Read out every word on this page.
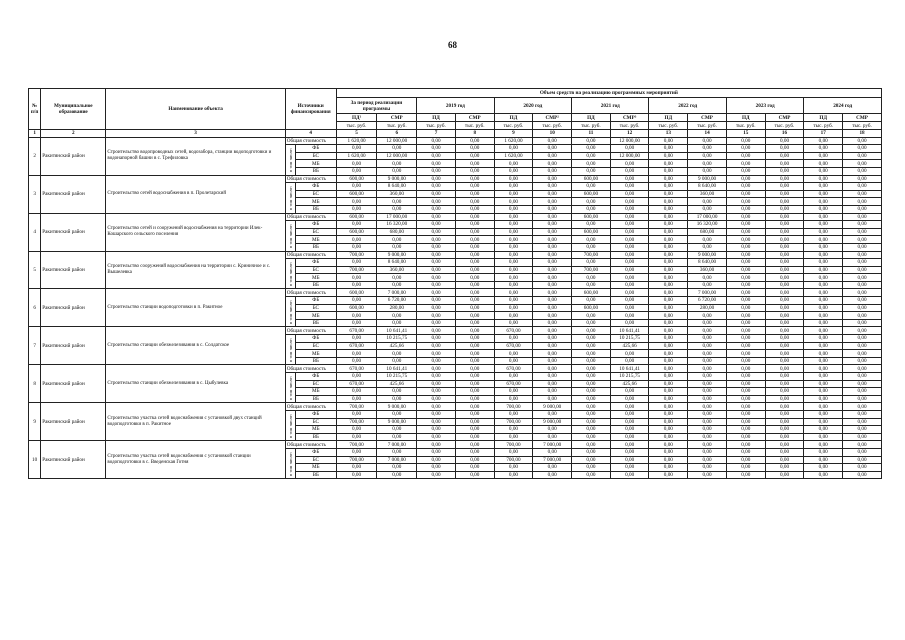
68
№ п/п	Муниципальное образование	Наименование объекта	Источники финансирования		Объем средств на реализацию программных мероприятий													
					За период реализации программы		2019 год		2020 год		2021 год		2022 год		2023 год		2024 год	
					ПД¹	СМР	ПД	СМР	ПД	СМР²	ПД	СМР³	ПД	СМР	ПД	СМР	ПД	СМР
					тыс. руб.	тыс. руб.	тыс. руб.	тыс. руб.	тыс. руб.	тыс. руб.	тыс. руб.	тыс. руб.	тыс. руб.	тыс. руб.	тыс. руб.	тыс. руб.	тыс. руб.	тыс. руб.
1	2	3	4		5	6	7	8	9	10	11	12	13	14	15	16	17	18
2	Ракитянский район	Строительство водопроводных сетей, водозабора, станции водоподготовки и водонапорной башни в с. Трефиловка	Общая стоимость		1 620,00	12 000,00	0,00	0,00	1 620,00	0,00	0,00	12 000,00	0,00	0,00	0,00	0,00	0,00	0,00

			в том числе:	ФБ	0,00	0,00	0,00	0,00	0,00	0,00	0,00	0,00	0,00	0,00	0,00	0,00	0,00	0,00
				БС	1 620,00	12 000,00	0,00	0,00	1 620,00	0,00	0,00	12 000,00	0,00	0,00	0,00	0,00	0,00	0,00
				МБ	0,00	0,00	0,00	0,00	0,00	0,00	0,00	0,00	0,00	0,00	0,00	0,00	0,00	0,00
				ВБ	0,00	0,00	0,00	0,00	0,00	0,00	0,00	0,00	0,00	0,00	0,00	0,00	0,00	0,00
3	Ракитянский район	Строительство сетей водоснабжения в п. Пролетарский	Общая стоимость		600,00	9 000,00	0,00	0,00	0,00	0,00	600,00	0,00	0,00	9 000,00	0,00	0,00	0,00	0,00

			в том числе:	ФБ	0,00	8 640,00	0,00	0,00	0,00	0,00	0,00	0,00	0,00	8 640,00	0,00	0,00	0,00	0,00
				БС	600,00	360,00	0,00	0,00	0,00	0,00	600,00	0,00	0,00	360,00	0,00	0,00	0,00	0,00
				МБ	0,00	0,00	0,00	0,00	0,00	0,00	0,00	0,00	0,00	0,00	0,00	0,00	0,00	0,00
				ВБ	0,00	0,00	0,00	0,00	0,00	0,00	0,00	0,00	0,00	0,00	0,00	0,00	0,00	0,00
4	Ракитянский район	Строительство сетей и сооружений водоснабжения на территории Илек-Кошарского сельского поселения	Общая стоимость		600,00	17 000,00	0,00	0,00	0,00	0,00	600,00	0,00	0,00	17 000,00	0,00	0,00	0,00	0,00

			в том числе:	ФБ	0,00	16 320,00	0,00	0,00	0,00	0,00	0,00	0,00	0,00	16 320,00	0,00	0,00	0,00	0,00
				БС	600,00	680,00	0,00	0,00	0,00	0,00	600,00	0,00	0,00	680,00	0,00	0,00	0,00	0,00
				МБ	0,00	0,00	0,00	0,00	0,00	0,00	0,00	0,00	0,00	0,00	0,00	0,00	0,00	0,00
				ВБ	0,00	0,00	0,00	0,00	0,00	0,00	0,00	0,00	0,00	0,00	0,00	0,00	0,00	0,00
5	Ракитянский район	Строительство сооружений водоснабжения на территории с. Криничное и с. Вышелевка	Общая стоимость		700,00	9 000,00	0,00	0,00	0,00	0,00	700,00	0,00	0,00	9 000,00	0,00	0,00	0,00	0,00

			в том числе:	ФБ	0,00	8 640,00	0,00	0,00	0,00	0,00	0,00	0,00	0,00	8 640,00	0,00	0,00	0,00	0,00
				БС	700,00	360,00	0,00	0,00	0,00	0,00	700,00	0,00	0,00	360,00	0,00	0,00	0,00	0,00
				МБ	0,00	0,00	0,00	0,00	0,00	0,00	0,00	0,00	0,00	0,00	0,00	0,00	0,00	0,00
				ВБ	0,00	0,00	0,00	0,00	0,00	0,00	0,00	0,00	0,00	0,00	0,00	0,00	0,00	0,00
6	Ракитянский район	Строительство станции водоподготовки в п. Ракитное	Общая стоимость		600,00	7 000,00	0,00	0,00	0,00	0,00	600,00	0,00	0,00	7 000,00	0,00	0,00	0,00	0,00

			в том числе:	ФБ	0,00	6 720,00	0,00	0,00	0,00	0,00	0,00	0,00	0,00	6 720,00	0,00	0,00	0,00	0,00
				БС	600,00	280,00	0,00	0,00	0,00	0,00	600,00	0,00	0,00	280,00	0,00	0,00	0,00	0,00
				МБ	0,00	0,00	0,00	0,00	0,00	0,00	0,00	0,00	0,00	0,00	0,00	0,00	0,00	0,00
				ВБ	0,00	0,00	0,00	0,00	0,00	0,00	0,00	0,00	0,00	0,00	0,00	0,00	0,00	0,00
7	Ракитянский район	Строительство станции обезжелезивания в с. Солдатское	Общая стоимость		670,00	10 641,41	0,00	0,00	670,00	0,00	0,00	10 641,41	0,00	0,00	0,00	0,00	0,00	0,00

			в том числе:	ФБ	0,00	10 215,75	0,00	0,00	0,00	0,00	0,00	10 215,75	0,00	0,00	0,00	0,00	0,00	0,00
				БС	670,00	425,66	0,00	0,00	670,00	0,00	0,00	425,66	0,00	0,00	0,00	0,00	0,00	0,00
				МБ	0,00	0,00	0,00	0,00	0,00	0,00	0,00	0,00	0,00	0,00	0,00	0,00	0,00	0,00
				ВБ	0,00	0,00	0,00	0,00	0,00	0,00	0,00	0,00	0,00	0,00	0,00	0,00	0,00	0,00
8	Ракитянский район	Строительство станции обезжелезивания в с. Цыбулевка	Общая стоимость		670,00	10 641,41	0,00	0,00	670,00	0,00	0,00	10 641,41	0,00	0,00	0,00	0,00	0,00	0,00

			в том числе:	ФБ	0,00	10 215,75	0,00	0,00	0,00	0,00	0,00	10 215,75	0,00	0,00	0,00	0,00	0,00	0,00
				БС	670,00	425,66	0,00	0,00	670,00	0,00	0,00	425,66	0,00	0,00	0,00	0,00	0,00	0,00
				МБ	0,00	0,00	0,00	0,00	0,00	0,00	0,00	0,00	0,00	0,00	0,00	0,00	0,00	0,00
				ВБ	0,00	0,00	0,00	0,00	0,00	0,00	0,00	0,00	0,00	0,00	0,00	0,00	0,00	0,00
9	Ракитянский район	Строительство участка сетей водоснабжения с установкой двух станций водоподготовки в п. Ракитное	Общая стоимость		700,00	9 000,00	0,00	0,00	700,00	9 000,00	0,00	0,00	0,00	0,00	0,00	0,00	0,00	0,00

			в том числе:	ФБ	0,00	0,00	0,00	0,00	0,00	0,00	0,00	0,00	0,00	0,00	0,00	0,00	0,00	0,00
				БС	700,00	9 000,00	0,00	0,00	700,00	9 000,00	0,00	0,00	0,00	0,00	0,00	0,00	0,00	0,00
				МБ	0,00	0,00	0,00	0,00	0,00	0,00	0,00	0,00	0,00	0,00	0,00	0,00	0,00	0,00
				ВБ	0,00	0,00	0,00	0,00	0,00	0,00	0,00	0,00	0,00	0,00	0,00	0,00	0,00	0,00
10	Ракитянский район	Строительство участка сетей водоснабжения с установкой станции водоподготовки в с. Введенская Готня	Общая стоимость		700,00	7 000,00	0,00	0,00	700,00	7 000,00	0,00	0,00	0,00	0,00	0,00	0,00	0,00	0,00

			в том числе:	ФБ	0,00	0,00	0,00	0,00	0,00	0,00	0,00	0,00	0,00	0,00	0,00	0,00	0,00	0,00
				БС	700,00	7 000,00	0,00	0,00	700,00	7 000,00	0,00	0,00	0,00	0,00	0,00	0,00	0,00	0,00
				МБ	0,00	0,00	0,00	0,00	0,00	0,00	0,00	0,00	0,00	0,00	0,00	0,00	0,00	0,00
				ВБ	0,00	0,00	0,00	0,00	0,00	0,00	0,00	0,00	0,00	0,00	0,00	0,00	0,00	0,00
